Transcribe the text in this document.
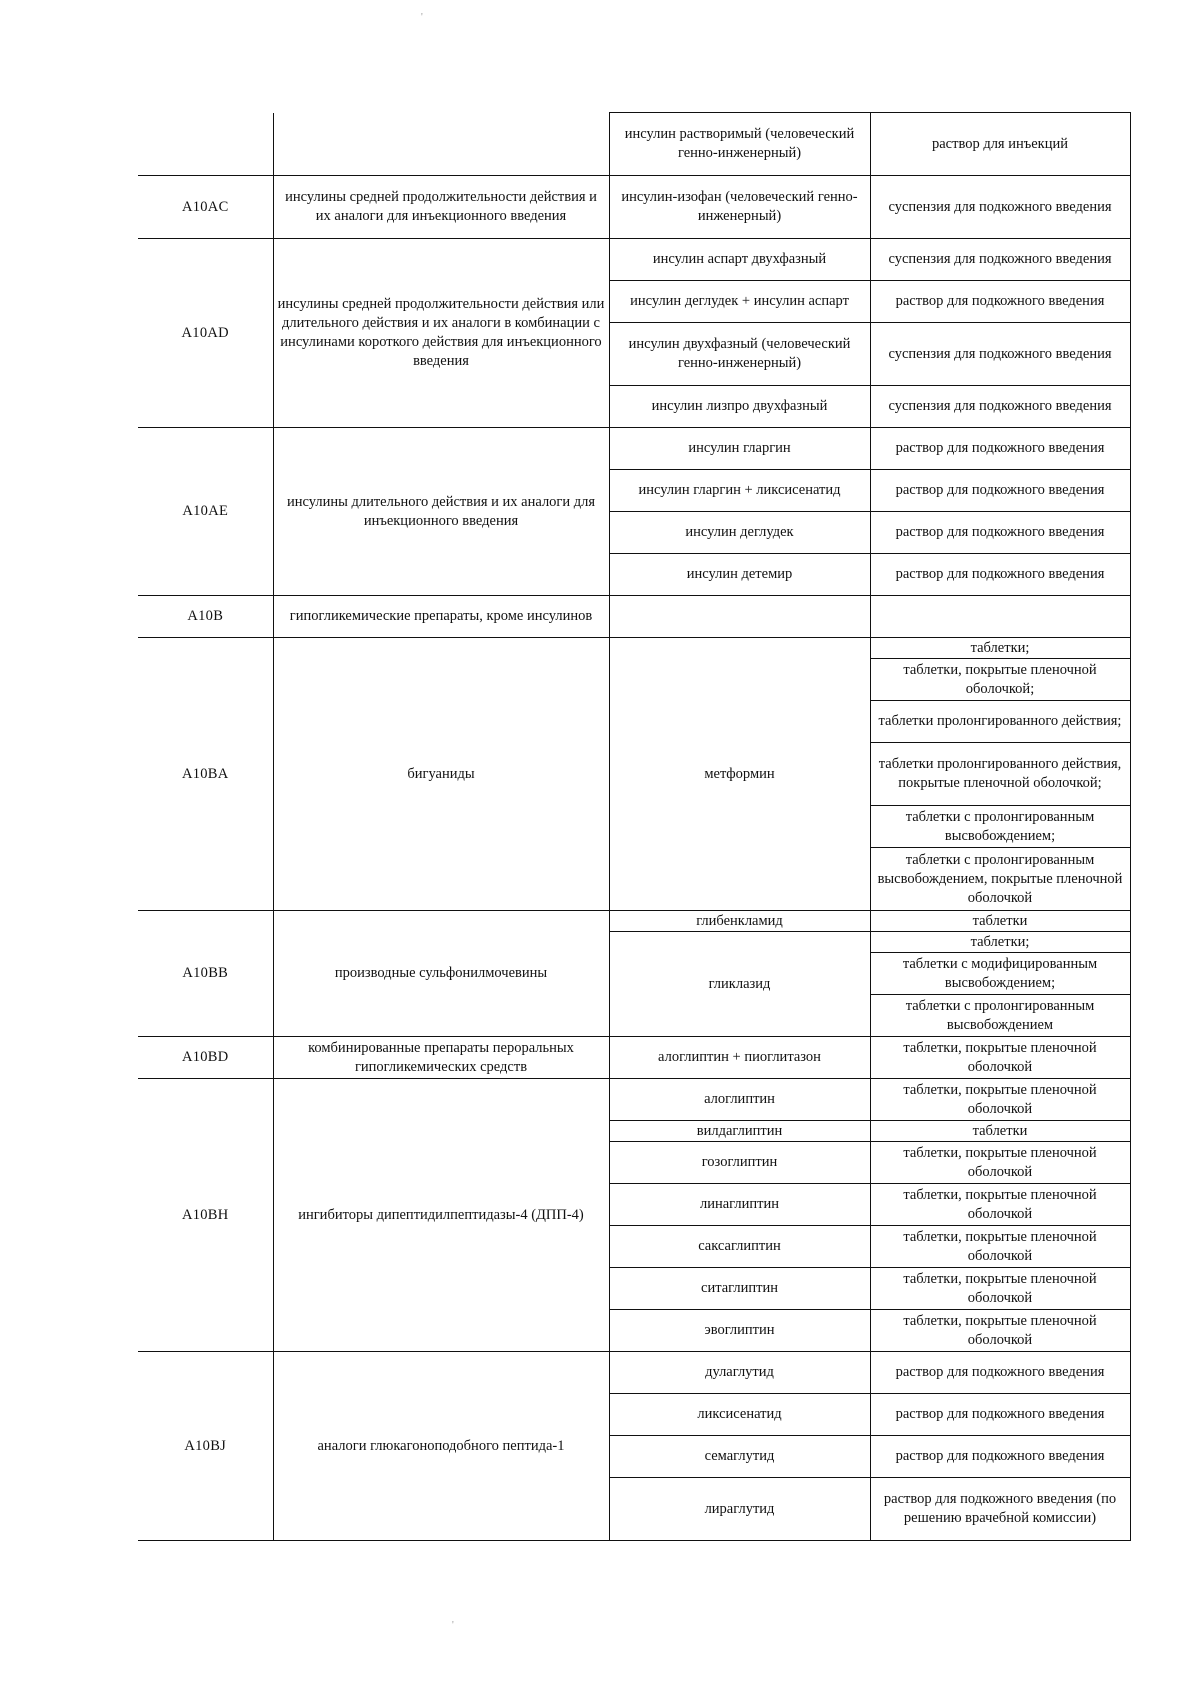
'
'
		инсулин растворимый (человеческий генно-инженерный)	раствор для инъекций
A10AC	инсулины средней продолжительности действия и их аналоги для инъекционного введения	инсулин-изофан (человеческий генно-инженерный)	суспензия для подкожного введения
A10AD	инсулины средней продолжительности действия или длительного действия и их аналоги в комбинации с инсулинами короткого действия для инъекционного введения	инсулин аспарт двухфазный	суспензия для подкожного введения
		инсулин деглудек + инсулин аспарт	раствор для подкожного введения
		инсулин двухфазный (человеческий генно-инженерный)	суспензия для подкожного введения
		инсулин лизпро двухфазный	суспензия для подкожного введения
A10AE	инсулины длительного действия и их аналоги для инъекционного введения	инсулин гларгин	раствор для подкожного введения
		инсулин гларгин + ликсисенатид	раствор для подкожного введения
		инсулин деглудек	раствор для подкожного введения
		инсулин детемир	раствор для подкожного введения
A10B	гипогликемические препараты, кроме инсулинов		
A10BA	бигуаниды	метформин	таблетки;
			таблетки, покрытые пленочной оболочкой;
			таблетки пролонгированного действия;
			таблетки пролонгированного действия, покрытые пленочной оболочкой;
			таблетки с пролонгированным высвобождением;
			таблетки с пролонгированным высвобождением, покрытые пленочной оболочкой
A10BB	производные сульфонилмочевины	глибенкламид	таблетки
		гликлазид	таблетки;
			таблетки с модифицированным высвобождением;
			таблетки с пролонгированным высвобождением
A10BD	комбинированные препараты пероральных гипогликемических средств	алоглиптин + пиоглитазон	таблетки, покрытые пленочной оболочкой
A10BH	ингибиторы дипептидилпептидазы-4 (ДПП-4)	алоглиптин	таблетки, покрытые пленочной оболочкой
		вилдаглиптин	таблетки
		гозоглиптин	таблетки, покрытые пленочной оболочкой
		линаглиптин	таблетки, покрытые пленочной оболочкой
		саксаглиптин	таблетки, покрытые пленочной оболочкой
		ситаглиптин	таблетки, покрытые пленочной оболочкой
		эвоглиптин	таблетки, покрытые пленочной оболочкой
A10BJ	аналоги глюкагоноподобного пептида-1	дулаглутид	раствор для подкожного введения
		ликсисенатид	раствор для подкожного введения
		семаглутид	раствор для подкожного введения
		лираглутид	раствор для подкожного введения (по решению врачебной комиссии)
